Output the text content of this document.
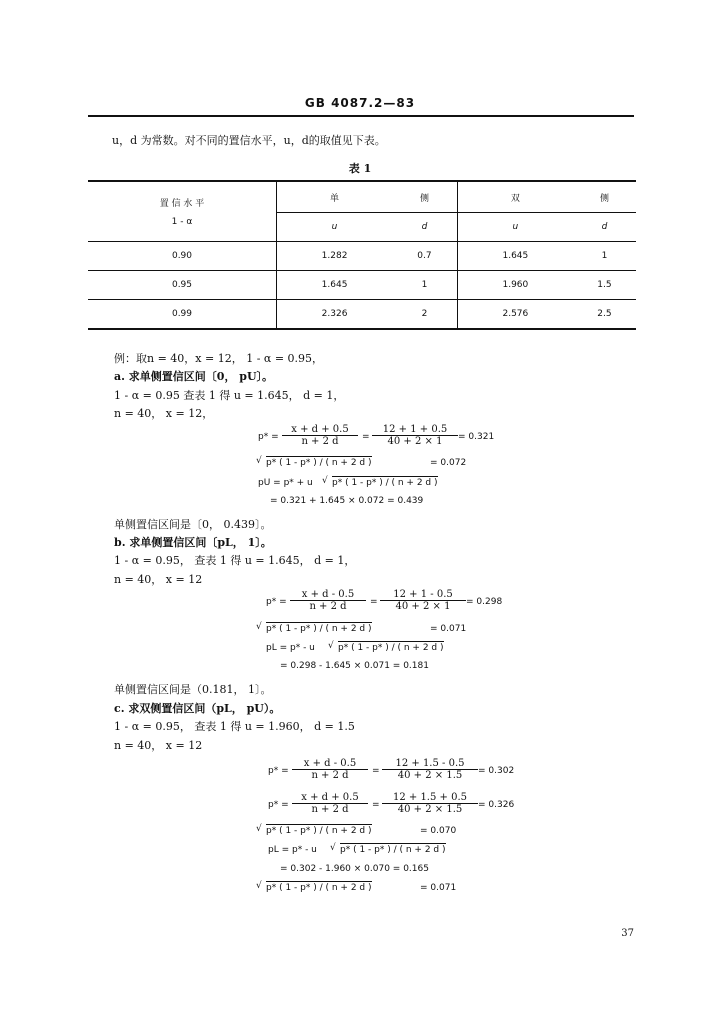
GB 4087.2—83
u，d 为常数。对不同的置信水平，u，d的取值见下表。
表 1
置 信 水 平
1 - α	单	侧	双	侧
	u	d	u	d
0.90	1.282	0.7	1.645	1
0.95	1.645	1	1.960	1.5
0.99	2.326	2	2.576	2.5
例：取n = 40，x = 12， 1 - α = 0.95，
a. 求单侧置信区间〔0， pU〕。
1 - α = 0.95 查表 1 得 u = 1.645， d = 1，
n = 40， x = 12，
$p* = \frac{x + d + 0.5}{n + 2 d} = \frac{12 + 1 + 0.5}{40 + 2 \times 1} = 0.321$
√ p* ( 1 - p* ) / ( n + 2 d )	= 0.072
pU = p* + u √ p* ( 1 - p* ) / ( n + 2 d )
= 0.321 + 1.645 × 0.072 = 0.439
单侧置信区间是〔0， 0.439〕。
b. 求单侧置信区间〔pL， 1〕。
1 - α = 0.95， 查表 1 得 u = 1.645， d = 1，
n = 40， x = 12
$p* = \frac{x + d - 0.5}{n + 2 d} = \frac{12 + 1 - 0.5}{40 + 2 \times 1} = 0.298$
√ p* ( 1 - p* ) / ( n + 2 d )	= 0.071
pL = p* - u √ p* ( 1 - p* ) / ( n + 2 d )
= 0.298 - 1.645 × 0.071 = 0.181
单侧置信区间是（0.181， 1〕。
c. 求双侧置信区间（pL， pU）。
1 - α = 0.95， 查表 1 得 u = 1.960， d = 1.5
n = 40， x = 12
$p* = \frac{x + d - 0.5}{n + 2 d} = \frac{12 + 1.5 - 0.5}{40 + 2 \times 1.5} = 0.302$
$p* = \frac{x + d + 0.5}{n + 2 d} = \frac{12 + 1.5 + 0.5}{40 + 2 \times 1.5} = 0.326$
√ p* ( 1 - p* ) / ( n + 2 d )	= 0.070
pL = p* - u √ p* ( 1 - p* ) / ( n + 2 d )
= 0.302 - 1.960 × 0.070 = 0.165
√ p* ( 1 - p* ) / ( n + 2 d )	= 0.071
37
